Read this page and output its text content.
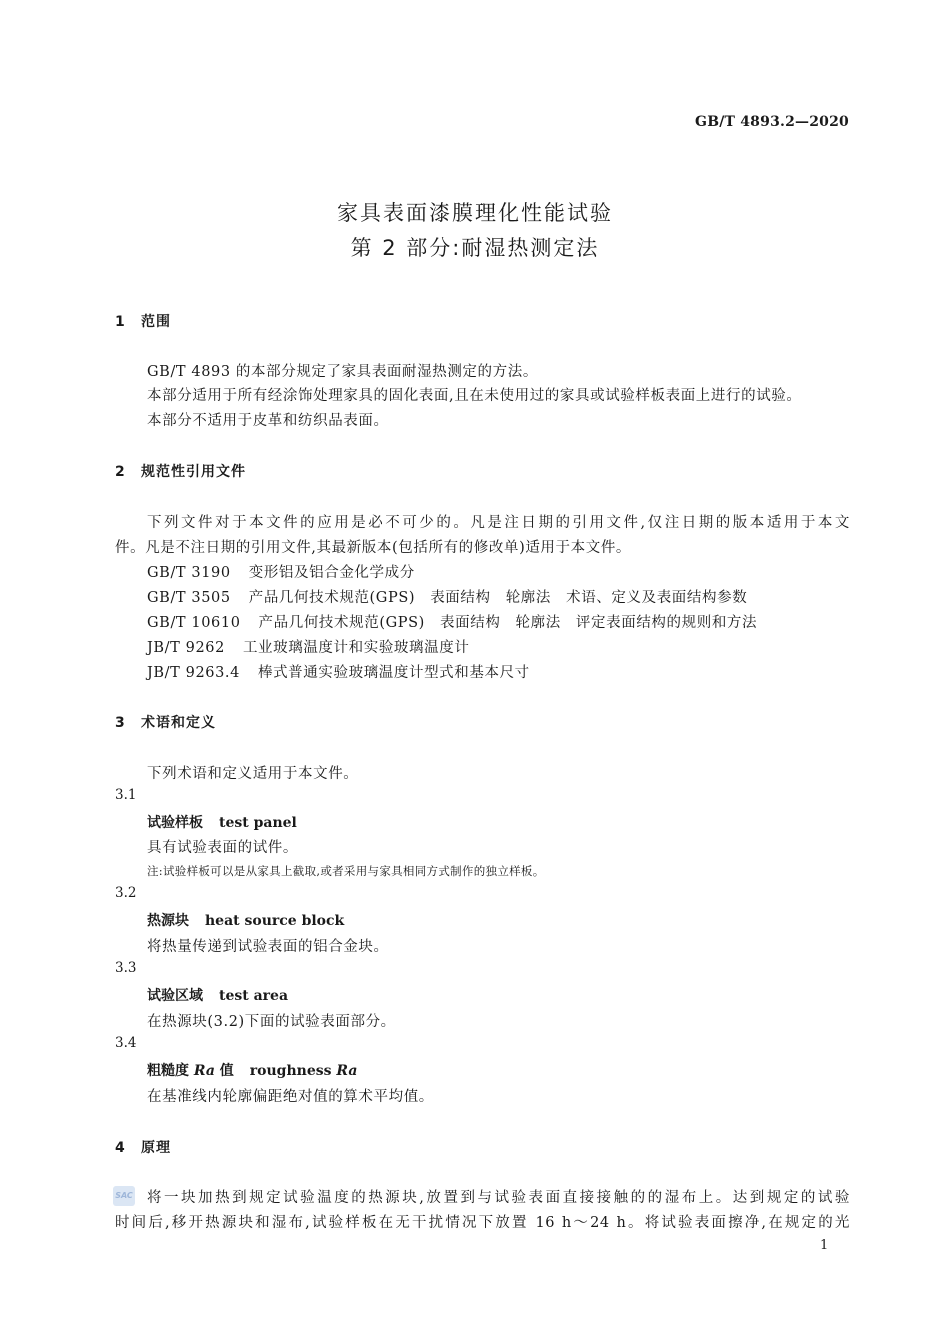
GB/T 4893.2—2020
家具表面漆膜理化性能试验
第 2 部分:耐湿热测定法
1 范围
GB/T 4893 的本部分规定了家具表面耐湿热测定的方法。
本部分适用于所有经涂饰处理家具的固化表面,且在未使用过的家具或试验样板表面上进行的试验。
本部分不适用于皮革和纺织品表面。
2 规范性引用文件
下列文件对于本文件的应用是必不可少的。凡是注日期的引用文件,仅注日期的版本适用于本文
件。凡是不注日期的引用文件,其最新版本(包括所有的修改单)适用于本文件。
GB/T 3190 变形铝及铝合金化学成分
GB/T 3505 产品几何技术规范(GPS)　表面结构　轮廓法　术语、定义及表面结构参数
GB/T 10610 产品几何技术规范(GPS)　表面结构　轮廓法　评定表面结构的规则和方法
JB/T 9262 工业玻璃温度计和实验玻璃温度计
JB/T 9263.4 棒式普通实验玻璃温度计型式和基本尺寸
3 术语和定义
下列术语和定义适用于本文件。
3.1
试验样板 test panel
具有试验表面的试件。
注:试验样板可以是从家具上截取,或者采用与家具相同方式制作的独立样板。
3.2
热源块 heat source block
将热量传递到试验表面的铝合金块。
3.3
试验区域 test area
在热源块(3.2)下面的试验表面部分。
3.4
粗糙度 Ra 值 roughness Ra
在基准线内轮廓偏距绝对值的算术平均值。
4 原理
SAC 将一块加热到规定试验温度的热源块,放置到与试验表面直接接触的的湿布上。达到规定的试验
时间后,移开热源块和湿布,试验样板在无干扰情况下放置 16 h～24 h。将试验表面擦净,在规定的光
1
